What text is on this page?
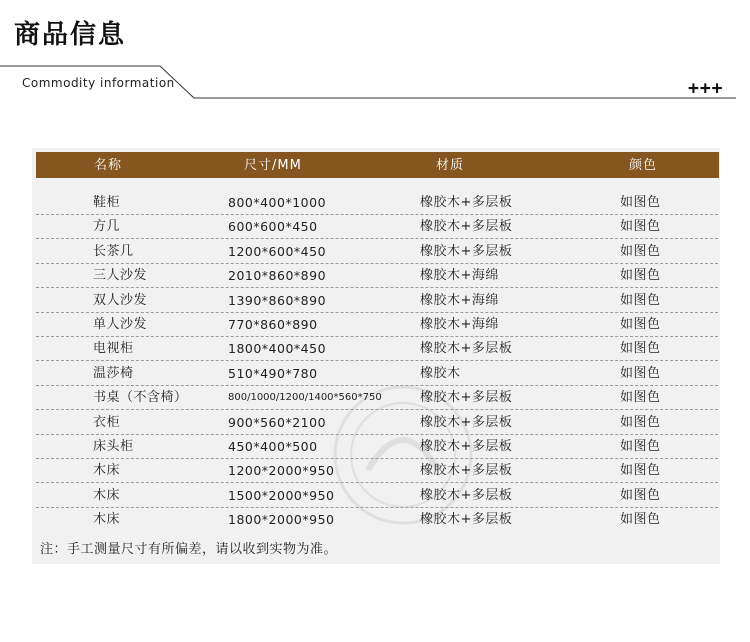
商品信息
Commodity information	+++
名称	尺寸/MM	材质	颜色
鞋柜	800*400*1000	橡胶木+多层板	如图色
方几	600*600*450	橡胶木+多层板	如图色
长茶几	1200*600*450	橡胶木+多层板	如图色
三人沙发	2010*860*890	橡胶木+海绵	如图色
双人沙发	1390*860*890	橡胶木+海绵	如图色
单人沙发	770*860*890	橡胶木+海绵	如图色
电视柜	1800*400*450	橡胶木+多层板	如图色
温莎椅	510*490*780	橡胶木	如图色
书桌（不含椅）	800/1000/1200/1400*560*750	橡胶木+多层板	如图色
衣柜	900*560*2100	橡胶木+多层板	如图色
床头柜	450*400*500	橡胶木+多层板	如图色
木床	1200*2000*950	橡胶木+多层板	如图色
木床	1500*2000*950	橡胶木+多层板	如图色
木床	1800*2000*950	橡胶木+多层板	如图色
注：手工测量尺寸有所偏差，请以收到实物为准。
